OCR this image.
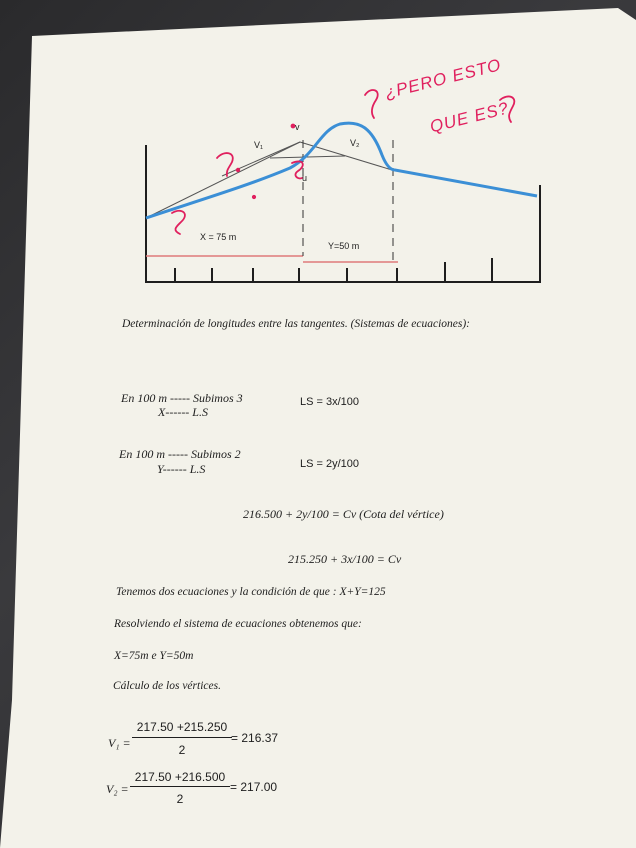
V₁	V₂
v
u
X = 75 m
Y=50 m
¿PERO ESTO
QUE ES?
Determinación de longitudes entre las tangentes. (Sistemas de ecuaciones):
En 100 m ----- Subimos 3
X------ L.S
LS = 3x/100
En 100 m ----- Subimos 2
Y------ L.S	LS = 2y/100
216.500 + 2y/100 = Cv (Cota del vértice)
215.250 + 3x/100 = Cv
Tenemos dos ecuaciones y la condición de que : X+Y=125
Resolviendo el sistema de ecuaciones obtenemos que:
X=75m e Y=50m
Cálculo de los vértices.
V₁ =
217.50 +215.250
2
= 216.37
V₂ =
217.50 +216.500
2
= 217.00
